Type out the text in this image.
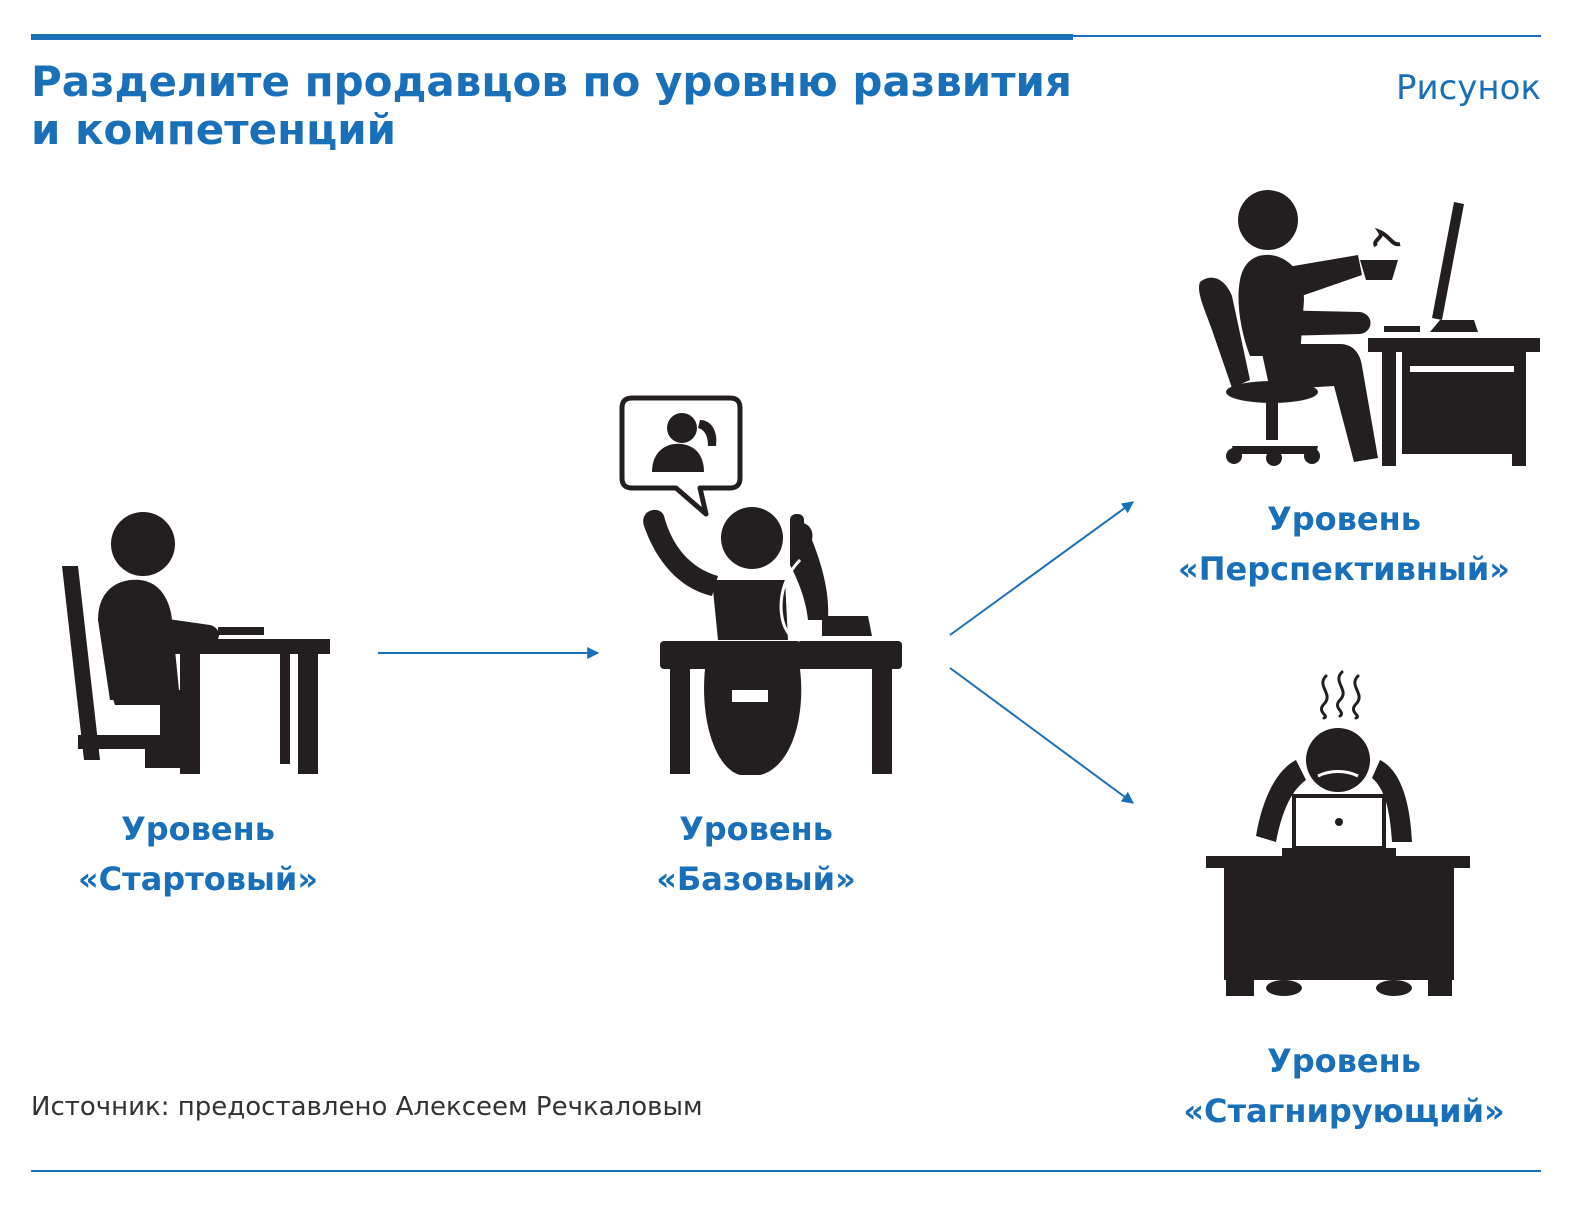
Разделите продавцов по уровню развития
и компетенций
Рисунок
Уровень
«Стартовый»
Уровень
«Базовый»
Уровень
«Перспективный»
Уровень
«Стагнирующий»
Источник: предоставлено Алексеем Речкаловым
